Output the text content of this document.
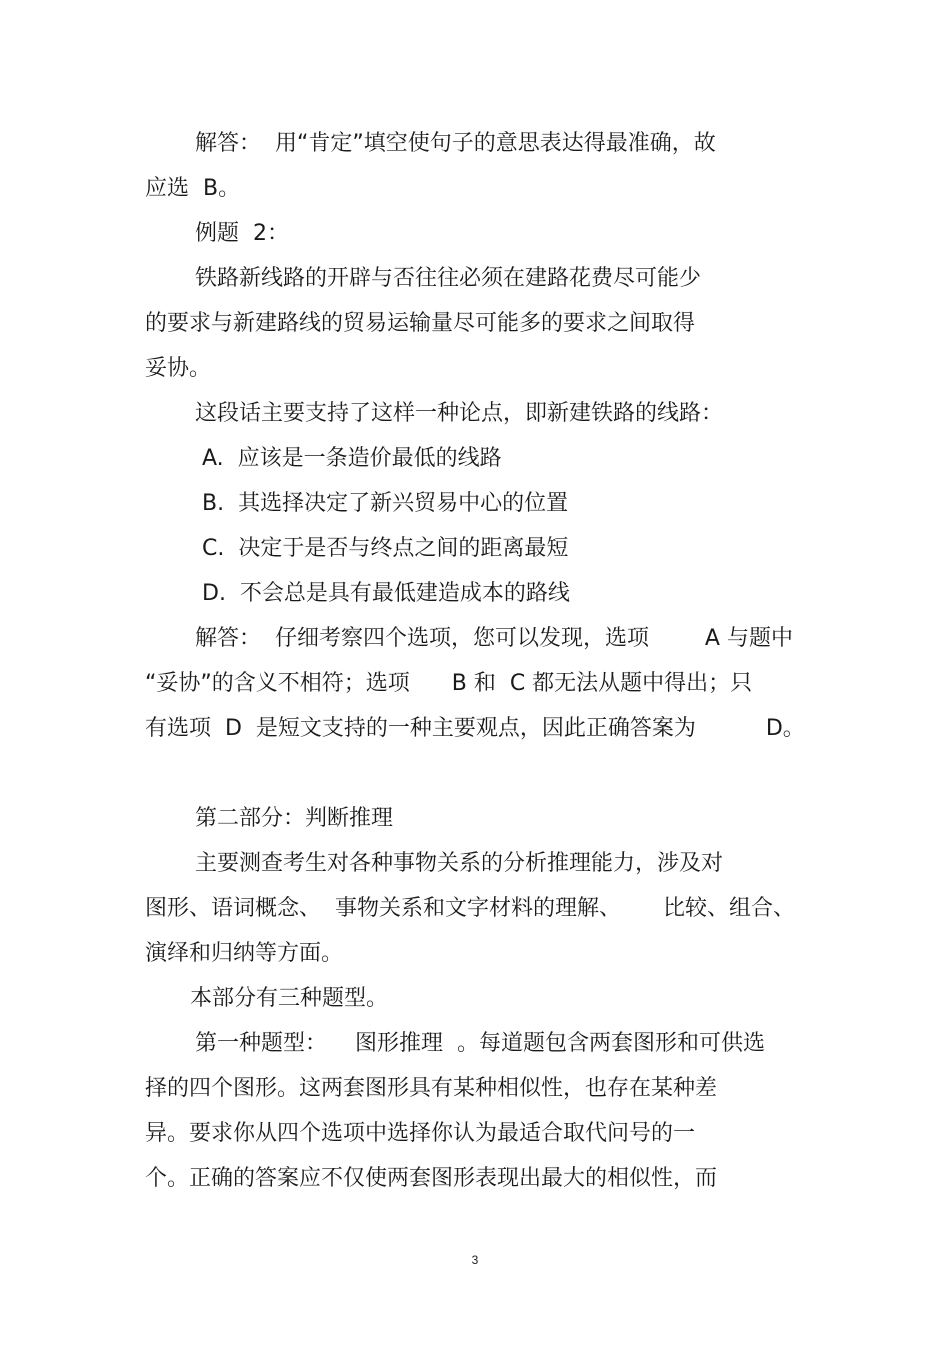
解答：  用“肯定”填空使句子的意思表达得最准确，故

应选  B。

例题  2：

铁路新线路的开辟与否往往必须在建路花费尽可能少

的要求与新建路线的贸易运输量尽可能多的要求之间取得

妥协。

这段话主要支持了这样一种论点，即新建铁路的线路：

A.  应该是一条造价最低的线路

B.  其选择决定了新兴贸易中心的位置

C.  决定于是否与终点之间的距离最短

D.  不会总是具有最低建造成本的路线

解答：  仔细考察四个选项，您可以发现，选项        A 与题中

“妥协”的含义不相符；选项      B 和  C 都无法从题中得出；只

有选项  D  是短文支持的一种主要观点，因此正确答案为          D。

第二部分：判断推理

主要测查考生对各种事物关系的分析推理能力，涉及对

图形、语词概念、  事物关系和文字材料的理解、      比较、组合、

演绎和归纳等方面。

本部分有三种题型。

第一种题型：    图形推理  。每道题包含两套图形和可供选

择的四个图形。这两套图形具有某种相似性，也存在某种差

异。要求你从四个选项中选择你认为最适合取代问号的一

个。正确的答案应不仅使两套图形表现出最大的相似性，而

3
